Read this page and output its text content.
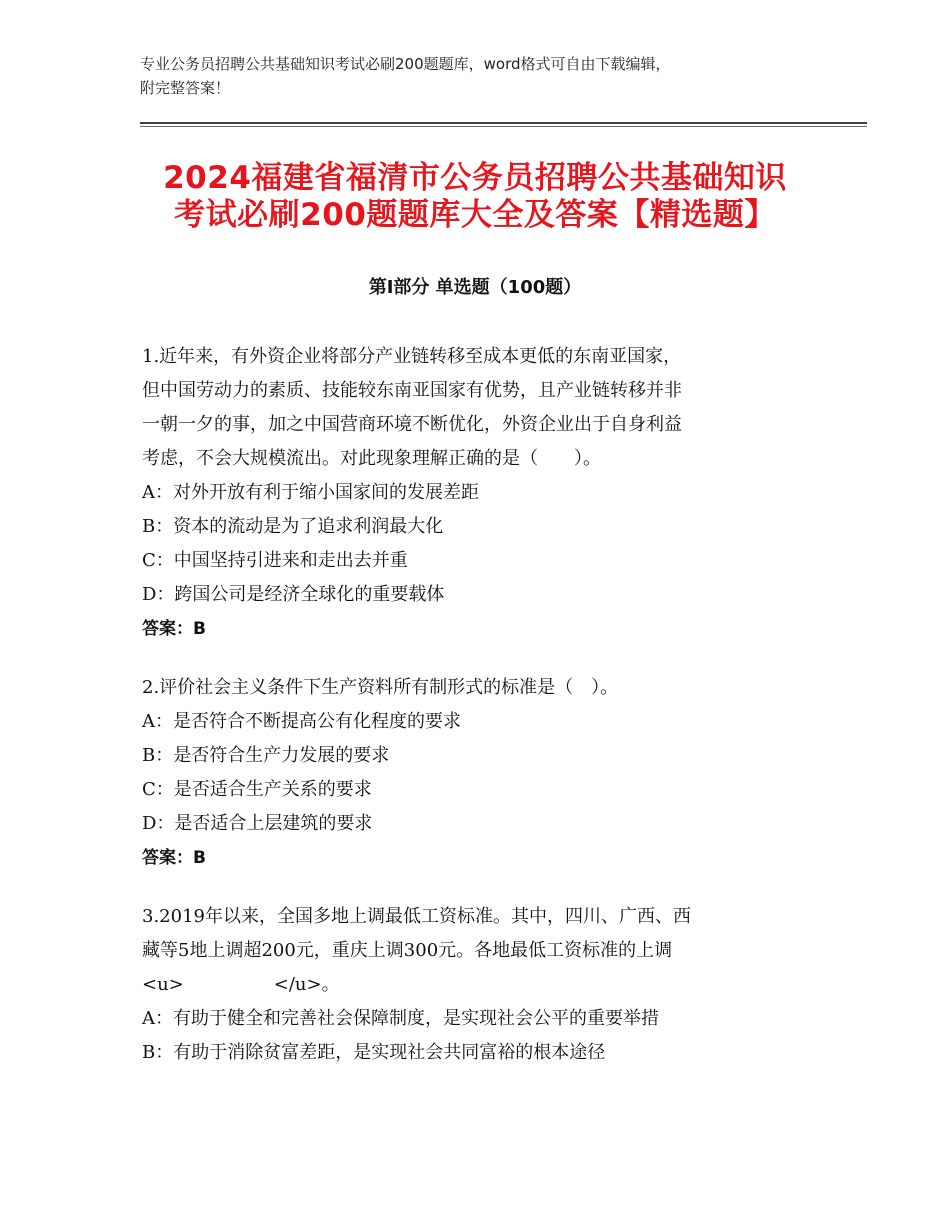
专业公务员招聘公共基础知识考试必刷200题题库，word格式可自由下载编辑，
附完整答案！
2024福建省福清市公务员招聘公共基础知识
考试必刷200题题库大全及答案【精选题】
第I部分 单选题（100题）
1.近年来，有外资企业将部分产业链转移至成本更低的东南亚国家，
但中国劳动力的素质、技能较东南亚国家有优势，且产业链转移并非
一朝一夕的事，加之中国营商环境不断优化，外资企业出于自身利益
考虑，不会大规模流出。对此现象理解正确的是（　　）。
A：对外开放有利于缩小国家间的发展差距
B：资本的流动是为了追求利润最大化
C：中国坚持引进来和走出去并重
D：跨国公司是经济全球化的重要载体
答案：B
2.评价社会主义条件下生产资料所有制形式的标准是（　）。
A：是否符合不断提高公有化程度的要求
B：是否符合生产力发展的要求
C：是否适合生产关系的要求
D：是否适合上层建筑的要求
答案：B
3.2019年以来，全国多地上调最低工资标准。其中，四川、广西、西
藏等5地上调超200元，重庆上调300元。各地最低工资标准的上调
<u>　　　　　</u>。
A：有助于健全和完善社会保障制度，是实现社会公平的重要举措
B：有助于消除贫富差距，是实现社会共同富裕的根本途径
